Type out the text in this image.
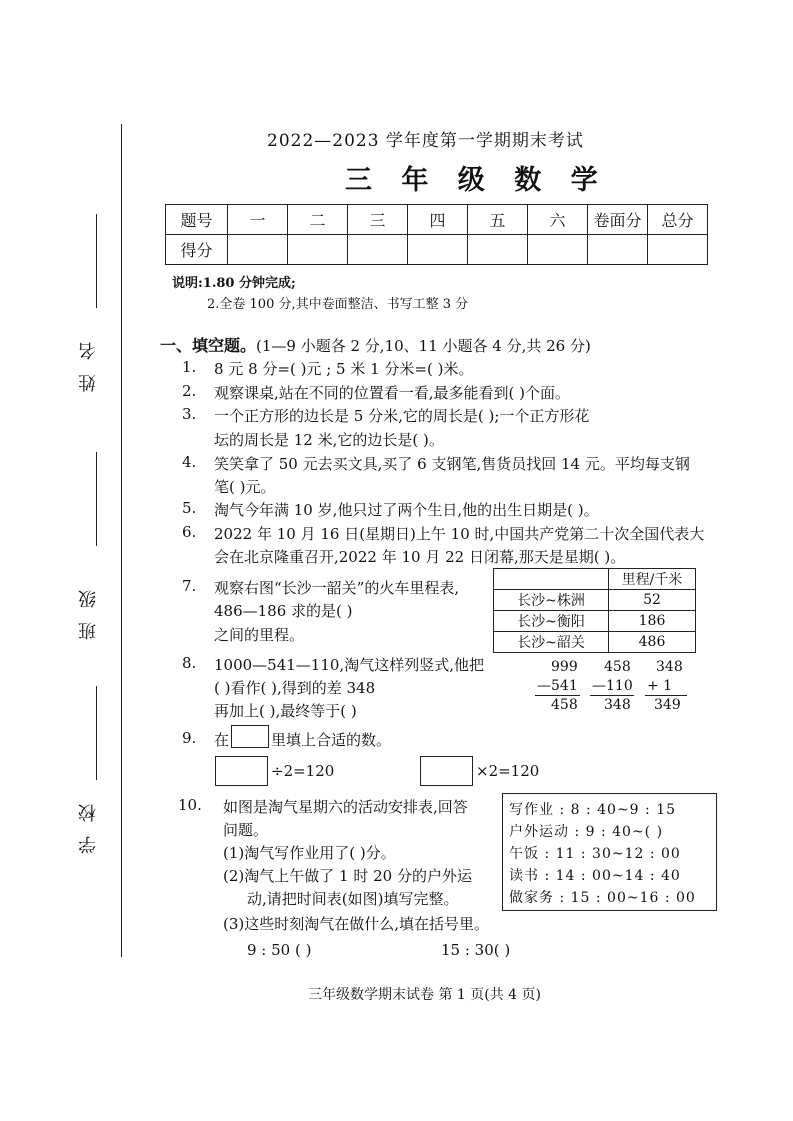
姓 名
班 级
学 校
2022—2023 学年度第一学期期末考试
三 年 级 数 学
题号	一	二	三	四	五	六	卷面分	总分
得分								
说明:1.80 分钟完成;
2.全卷 100 分,其中卷面整洁、书写工整 3 分
一、填空题。(1—9 小题各 2 分,10、11 小题各 4 分,共 26 分)
1. 8 元 8 分=( )元 ; 5 米 1 分米=( )米。
2. 观察课桌,站在不同的位置看一看,最多能看到( )个面。
3. 一个正方形的边长是 5 分米,它的周长是( );一个正方形花
坛的周长是 12 米,它的边长是( )。
4. 笑笑拿了 50 元去买文具,买了 6 支钢笔,售货员找回 14 元。平均每支钢
笔( )元。
5. 淘气今年满 10 岁,他只过了两个生日,他的出生日期是( )。
6. 2022 年 10 月 16 日(星期日)上午 10 时,中国共产党第二十次全国代表大
会在北京隆重召开,2022 年 10 月 22 日闭幕,那天是星期( )。
7. 观察右图“长沙一韶关”的火车里程表,
486—186 求的是( )
之间的里程。
	里程/千米
长沙~株洲	52
长沙~衡阳	186
长沙~韶关	486
8. 1000—541—110,淘气这样列竖式,他把
( )看作( ),得到的差 348
再加上( ),最终等于( )
999
—541
458
458
—110
348
348
+ 1
349
9. 在	里填上合适的数。
÷2=120	×2=120
10. 如图是淘气星期六的活动安排表,回答
问题。
(1)淘气写作业用了( )分。
(2)淘气上午做了 1 时 20 分的户外运
动,请把时间表(如图)填写完整。
(3)这些时刻淘气在做什么,填在括号里。
9 : 50 ( )	15 : 30( )
写作业 : 8 : 40~9 : 15
户外运动 : 9 : 40~( )
午饭 : 11 : 30~12 : 00
读书 : 14 : 00~14 : 40
做家务 : 15 : 00~16 : 00
三年级数学期末试卷 第 1 页(共 4 页)
